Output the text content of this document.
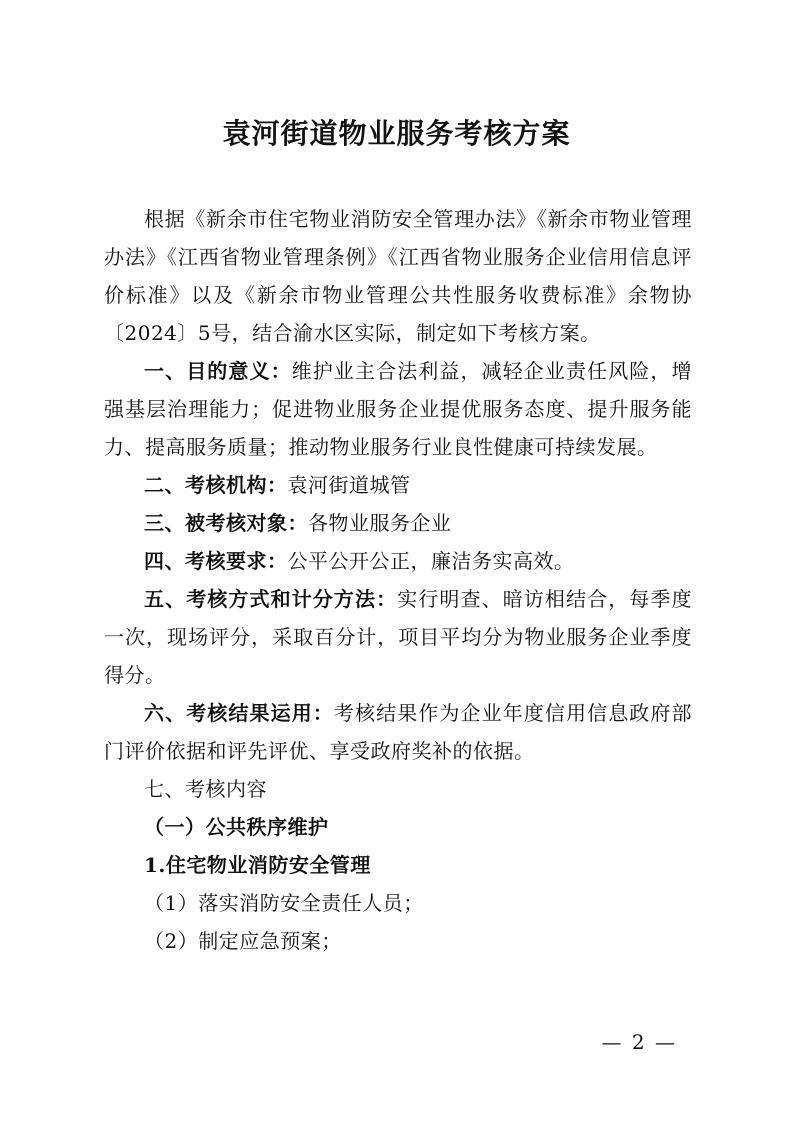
袁河街道物业服务考核方案

根据《新余市住宅物业消防安全管理办法》《新余市物业管理办法》《江西省物业管理条例》《江西省物业服务企业信用信息评价标准》以及《新余市物业管理公共性服务收费标准》余物协〔2024〕5号，结合渝水区实际，制定如下考核方案。

一、目的意义：维护业主合法利益，减轻企业责任风险，增强基层治理能力；促进物业服务企业提优服务态度、提升服务能力、提高服务质量；推动物业服务行业良性健康可持续发展。

二、考核机构：袁河街道城管

三、被考核对象：各物业服务企业

四、考核要求：公平公开公正，廉洁务实高效。

五、考核方式和计分方法：实行明查、暗访相结合，每季度一次，现场评分，采取百分计，项目平均分为物业服务企业季度得分。

六、考核结果运用：考核结果作为企业年度信用信息政府部门评价依据和评先评优、享受政府奖补的依据。

七、考核内容

（一）公共秩序维护

1.住宅物业消防安全管理

（1）落实消防安全责任人员；

（2）制定应急预案；

— 2 —
